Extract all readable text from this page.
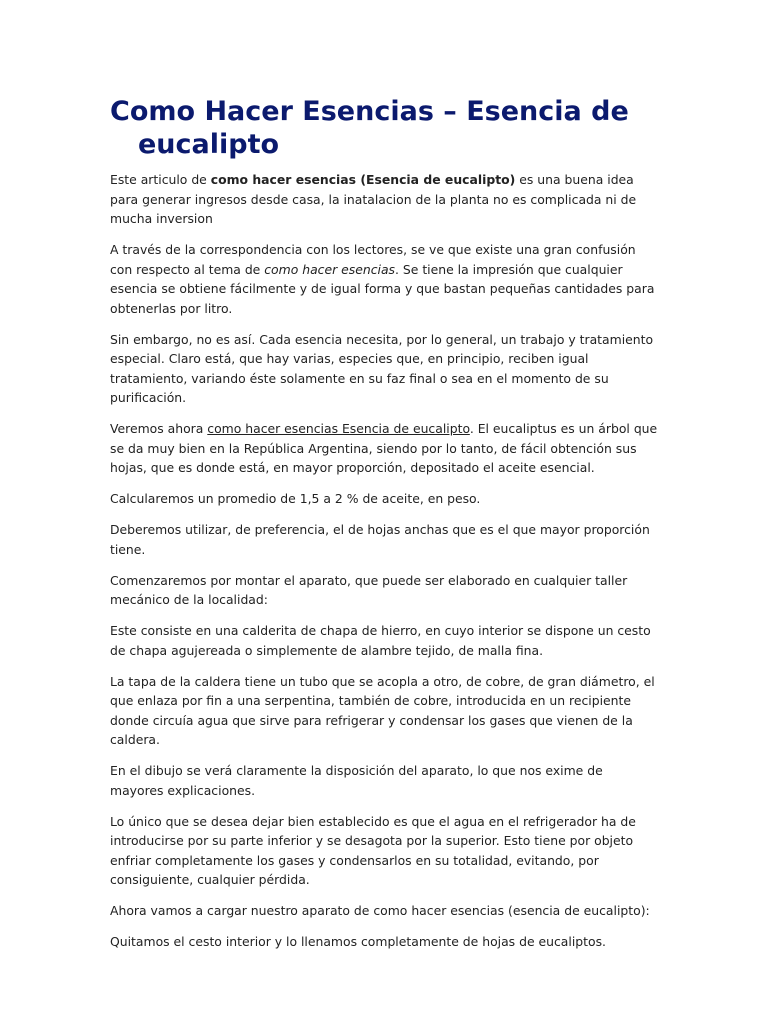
Como Hacer Esencias – Esencia de eucalipto

Este articulo de como hacer esencias (Esencia de eucalipto) es una buena idea para generar ingresos desde casa, la inatalacion de la planta no es complicada ni de mucha inversion

A través de la correspondencia con los lectores, se ve que existe una gran confusión con respecto al tema de como hacer esencias. Se tiene la impresión que cualquier esencia se obtiene fácilmente y de igual forma y que bastan pequeñas cantidades para obtenerlas por litro.

Sin embargo, no es así. Cada esencia necesita, por lo general, un trabajo y tratamiento especial. Claro está, que hay varias, especies que, en principio, reciben igual tratamiento, variando éste solamente en su faz final o sea en el momento de su purificación.

Veremos ahora como hacer esencias Esencia de eucalipto. El eucaliptus es un árbol que se da muy bien en la República Argentina, siendo por lo tanto, de fácil obtención sus hojas, que es donde está, en mayor proporción, depositado el aceite esencial.

Calcularemos un promedio de 1,5 a 2 % de aceite, en peso.

Deberemos utilizar, de preferencia, el de hojas anchas que es el que mayor proporción tiene.

Comenzaremos por montar el aparato, que puede ser elaborado en cualquier taller mecánico de la localidad:

Este consiste en una calderita de chapa de hierro, en cuyo interior se dispone un cesto de chapa agujereada o simplemente de alambre tejido, de malla fina.

La tapa de la caldera tiene un tubo que se acopla a otro, de cobre, de gran diámetro, el que enlaza por fin a una serpentina, también de cobre, introducida en un recipiente donde circuía agua que sirve para refrigerar y condensar los gases que vienen de la caldera.

En el dibujo se verá claramente la disposición del aparato, lo que nos exime de mayores explicaciones.

Lo único que se desea dejar bien establecido es que el agua en el refrigerador ha de introducirse por su parte inferior y se desagota por la superior. Esto tiene por objeto enfriar completamente los gases y condensarlos en su totalidad, evitando, por consiguiente, cualquier pérdida.

Ahora vamos a cargar nuestro aparato de como hacer esencias (esencia de eucalipto):

Quitamos el cesto interior y lo llenamos completamente de hojas de eucaliptos.
